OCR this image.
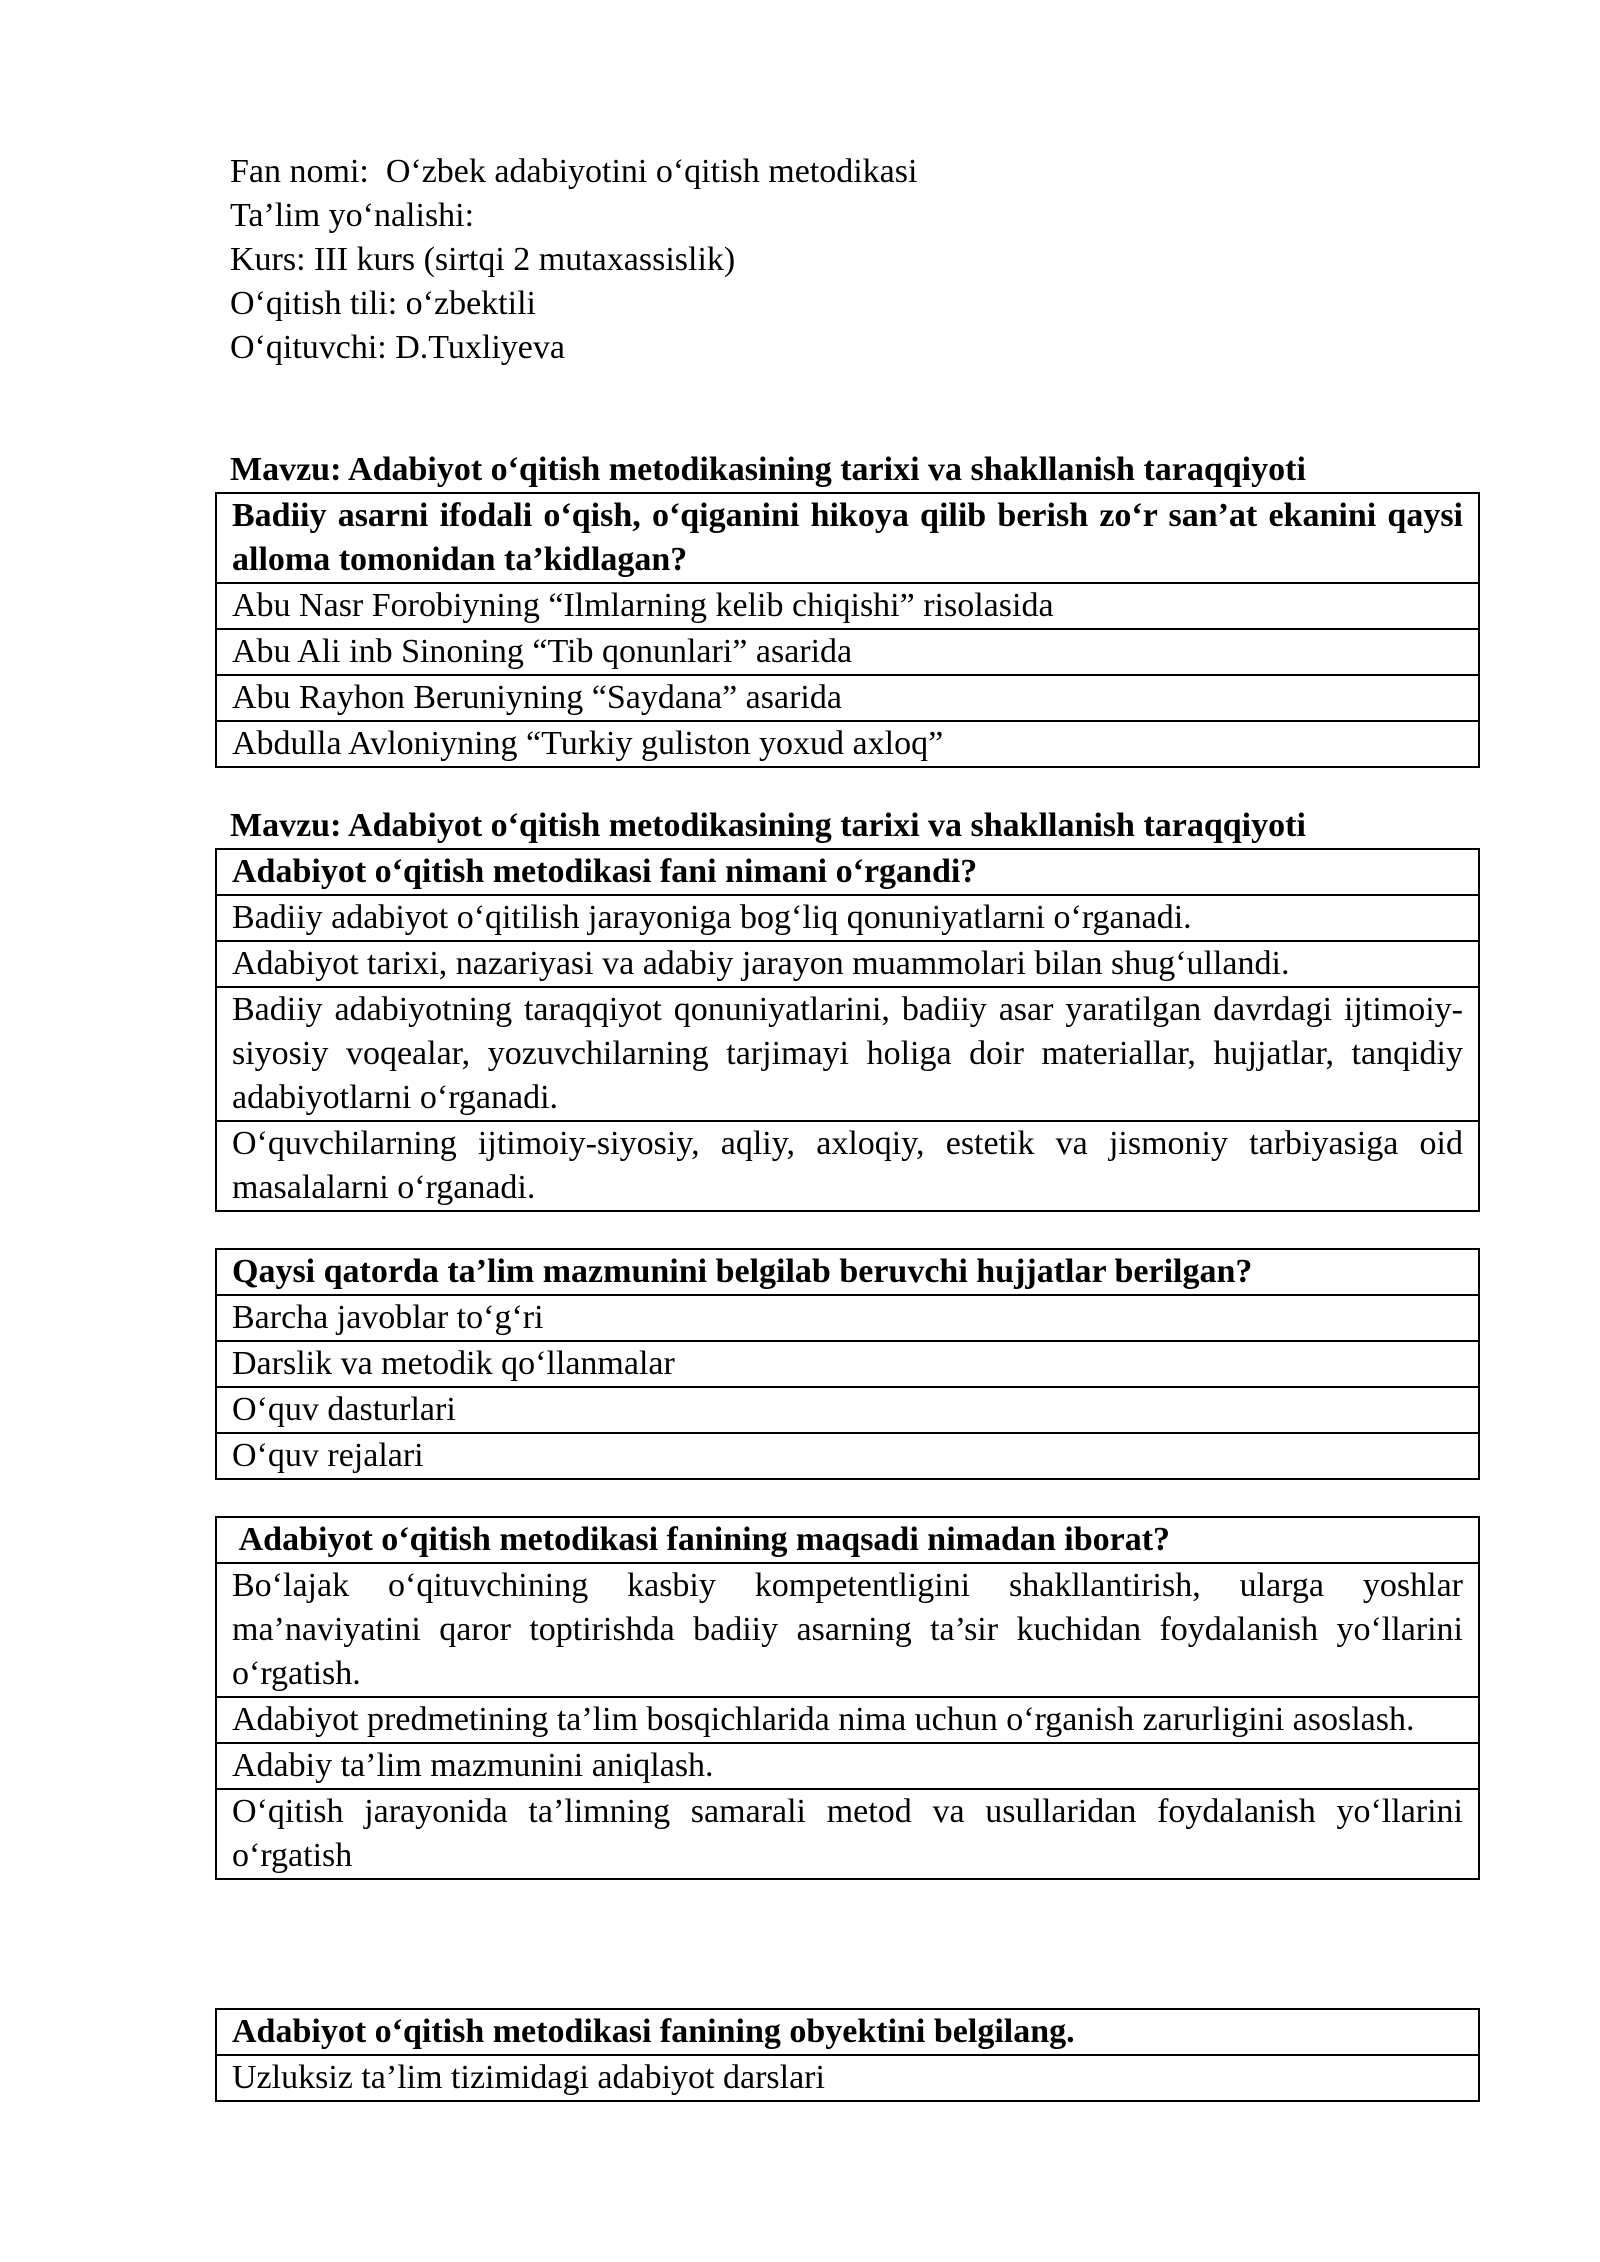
Fan nomi:  O‘zbek adabiyotini o‘qitish metodikasi
Ta’lim yo‘nalishi:
Kurs: III kurs (sirtqi 2 mutaxassislik)
O‘qitish tili: o‘zbektili
O‘qituvchi: D.Tuxliyeva
Mavzu: Adabiyot o‘qitish metodikasining tarixi va shakllanish taraqqiyoti
Badiiy asarni ifodali o‘qish, o‘qiganini hikoya qilib berish zo‘r san’at ekanini qaysi alloma tomonidan ta’kidlagan?
Abu Nasr Forobiyning “Ilmlarning kelib chiqishi” risolasida
Abu Ali inb Sinoning “Tib qonunlari” asarida
Abu Rayhon Beruniyning “Saydana” asarida
Abdulla Avloniyning “Turkiy guliston yoxud axloq”
Mavzu: Adabiyot o‘qitish metodikasining tarixi va shakllanish taraqqiyoti
Adabiyot o‘qitish metodikasi fani nimani o‘rgandi?
Badiiy adabiyot o‘qitilish jarayoniga bog‘liq qonuniyatlarni o‘rganadi.
Adabiyot tarixi, nazariyasi va adabiy jarayon muammolari bilan shug‘ullandi.
Badiiy adabiyotning taraqqiyot qonuniyatlarini, badiiy asar yaratilgan davrdagi ijtimoiy-siyosiy voqealar, yozuvchilarning tarjimayi holiga doir materiallar, hujjatlar, tanqidiy adabiyotlarni o‘rganadi.
O‘quvchilarning ijtimoiy-siyosiy, aqliy, axloqiy, estetik va jismoniy tarbiyasiga oid masalalarni o‘rganadi.
Qaysi qatorda ta’lim mazmunini belgilab beruvchi hujjatlar berilgan?
Barcha javoblar to‘g‘ri
Darslik va metodik qo‘llanmalar
O‘quv dasturlari
O‘quv rejalari
Adabiyot o‘qitish metodikasi fanining maqsadi nimadan iborat?
Bo‘lajak o‘qituvchining kasbiy kompetentligini shakllantirish, ularga yoshlar ma’naviyatini qaror toptirishda badiiy asarning ta’sir kuchidan foydalanish yo‘llarini o‘rgatish.
Adabiyot predmetining ta’lim bosqichlarida nima uchun o‘rganish zarurligini asoslash.
Adabiy ta’lim mazmunini aniqlash.
O‘qitish jarayonida ta’limning samarali metod va usullaridan foydalanish yo‘llarini o‘rgatish
Adabiyot o‘qitish metodikasi fanining obyektini belgilang.
Uzluksiz ta’lim tizimidagi adabiyot darslari
